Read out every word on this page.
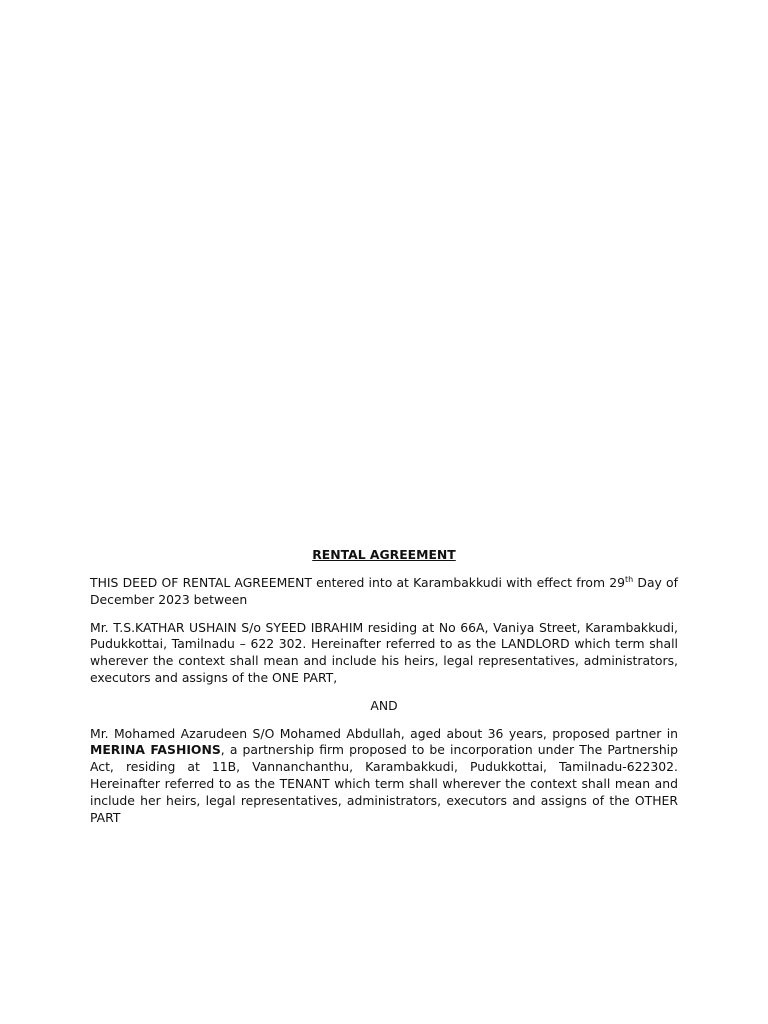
RENTAL AGREEMENT

THIS DEED OF RENTAL AGREEMENT entered into at Karambakkudi with effect from 29th Day of December 2023 between

Mr. T.S.KATHAR USHAIN S/o SYEED IBRAHIM residing at No 66A, Vaniya Street, Karambakkudi, Pudukkottai, Tamilnadu – 622 302. Hereinafter referred to as the LANDLORD which term shall wherever the context shall mean and include his heirs, legal representatives, administrators, executors and assigns of the ONE PART,

AND

Mr. Mohamed Azarudeen S/O Mohamed Abdullah, aged about 36 years, proposed partner in MERINA FASHIONS, a partnership firm proposed to be incorporation under The Partnership Act, residing at 11B, Vannanchanthu, Karambakkudi, Pudukkottai, Tamilnadu-622302. Hereinafter referred to as the TENANT which term shall wherever the context shall mean and include her heirs, legal representatives, administrators, executors and assigns of the OTHER PART
